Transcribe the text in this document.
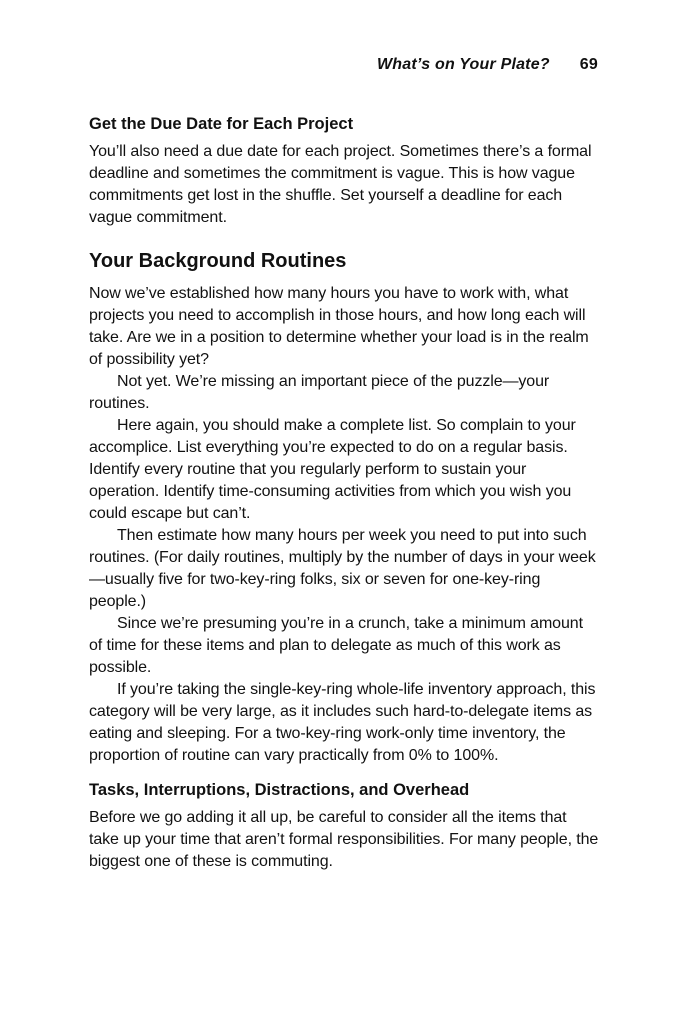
What’s on Your Plate? 69
Get the Due Date for Each Project

You’ll also need a due date for each project. Sometimes there’s a formal deadline and sometimes the commitment is vague. This is how vague commitments get lost in the shuffle. Set yourself a deadline for each vague commitment.

Your Background Routines

Now we’ve established how many hours you have to work with, what projects you need to accomplish in those hours, and how long each will take. Are we in a position to determine whether your load is in the realm of possibility yet?

Not yet. We’re missing an important piece of the puzzle—your routines.

Here again, you should make a complete list. So complain to your accomplice. List everything you’re expected to do on a regular basis. Identify every routine that you regularly perform to sustain your operation. Identify time-consuming activities from which you wish you could escape but can’t.

Then estimate how many hours per week you need to put into such routines. (For daily routines, multiply by the number of days in your week—usually five for two-key-ring folks, six or seven for one-key-ring people.)

Since we’re presuming you’re in a crunch, take a minimum amount of time for these items and plan to delegate as much of this work as possible.

If you’re taking the single-key-ring whole-life inventory approach, this category will be very large, as it includes such hard-to-delegate items as eating and sleeping. For a two-key-ring work-only time inventory, the proportion of routine can vary practically from 0% to 100%.

Tasks, Interruptions, Distractions, and Overhead

Before we go adding it all up, be careful to consider all the items that take up your time that aren’t formal responsibilities. For many people, the biggest one of these is commuting.
